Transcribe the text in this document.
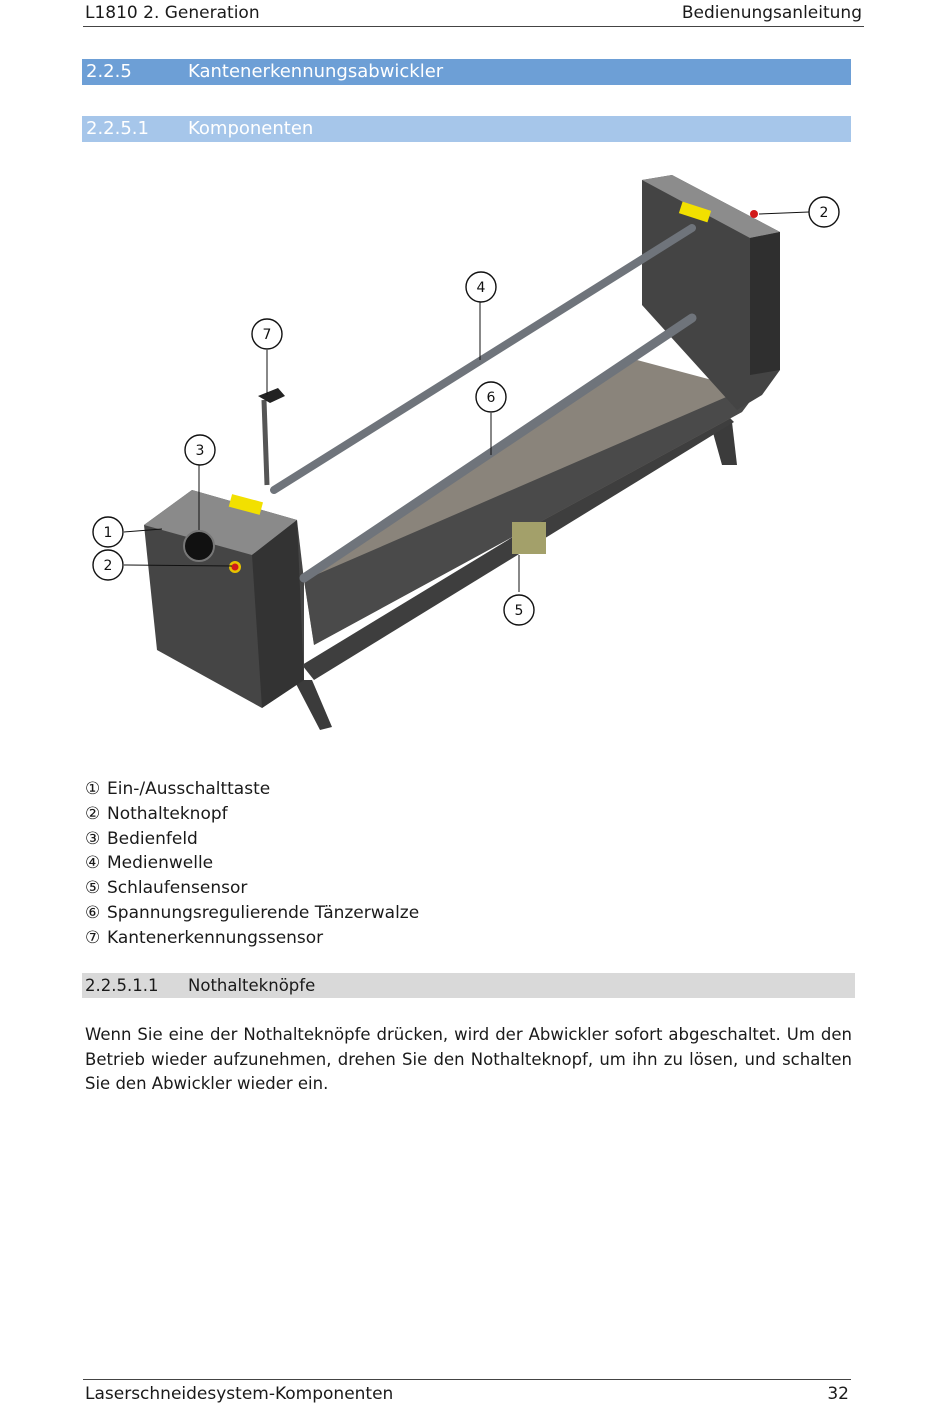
L1810 2. Generation	Bedienungsanleitung
2.2.5	Kantenerkennungsabwickler
2.2.5.1 Komponenten
1
2
2
3
4
5
6
7
① Ein-/Ausschalttaste
② Nothalteknopf
③ Bedienfeld
④ Medienwelle
⑤ Schlaufensensor
⑥ Spannungsregulierende Tänzerwalze
⑦ Kantenerkennungssensor
2.2.5.1.1 Nothalteknöpfe

Wenn Sie eine der Nothalteknöpfe drücken, wird der Abwickler sofort abgeschaltet. Um den Betrieb wieder aufzunehmen, drehen Sie den Nothalteknopf, um ihn zu lösen, und schalten Sie den Abwickler wieder ein.

Laserschneidesystem-Komponenten	32
